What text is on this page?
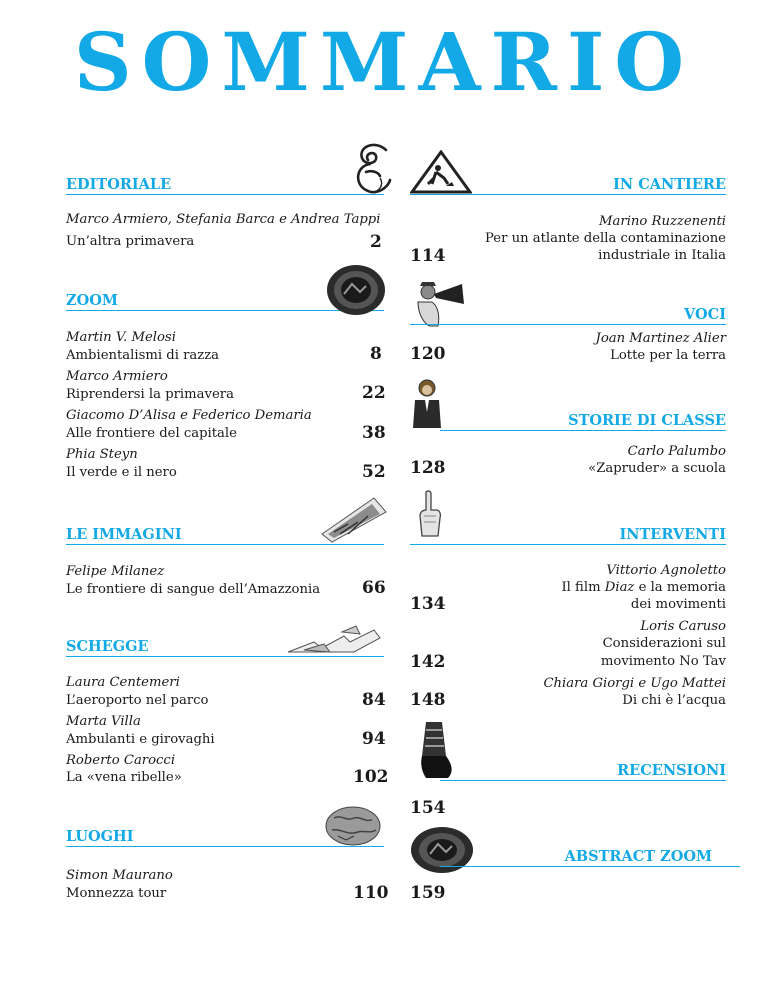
SOMMARIO
EDITORIALE
Marco Armiero, Stefania Barca e Andrea Tappi
Un’altra primavera	2
ZOOM
Martin V. Melosi
Ambientalismi di razza	8
Marco Armiero
Riprendersi la primavera	22
Giacomo D’Alisa e Federico Demaria
Alle frontiere del capitale	38
Phia Steyn
Il verde e il nero	52
LE IMMAGINI
Felipe Milanez
Le frontiere di sangue dell’Amazzonia 66
SCHEGGE
Laura Centemeri
L’aeroporto nel parco	84
Marta Villa
Ambulanti e girovaghi	94
Roberto Carocci
La «vena ribelle»	102
LUOGHI
Simon Maurano
Monnezza tour	110
IN CANTIERE
Marino Ruzzenenti
Per un atlante della contaminazione
industriale in Italia
114
VOCI
Joan Martinez Alier
Lotte per la terra
120
STORIE DI CLASSE
Carlo Palumbo
«Zapruder» a scuola
128
INTERVENTI
Vittorio Agnoletto
Il film Diaz e la memoria
dei movimenti
134
Loris Caruso
Considerazioni sul
movimento No Tav
142
Chiara Giorgi e Ugo Mattei
Di chi è l’acqua
148
RECENSIONI
154
ABSTRACT ZOOM
159
